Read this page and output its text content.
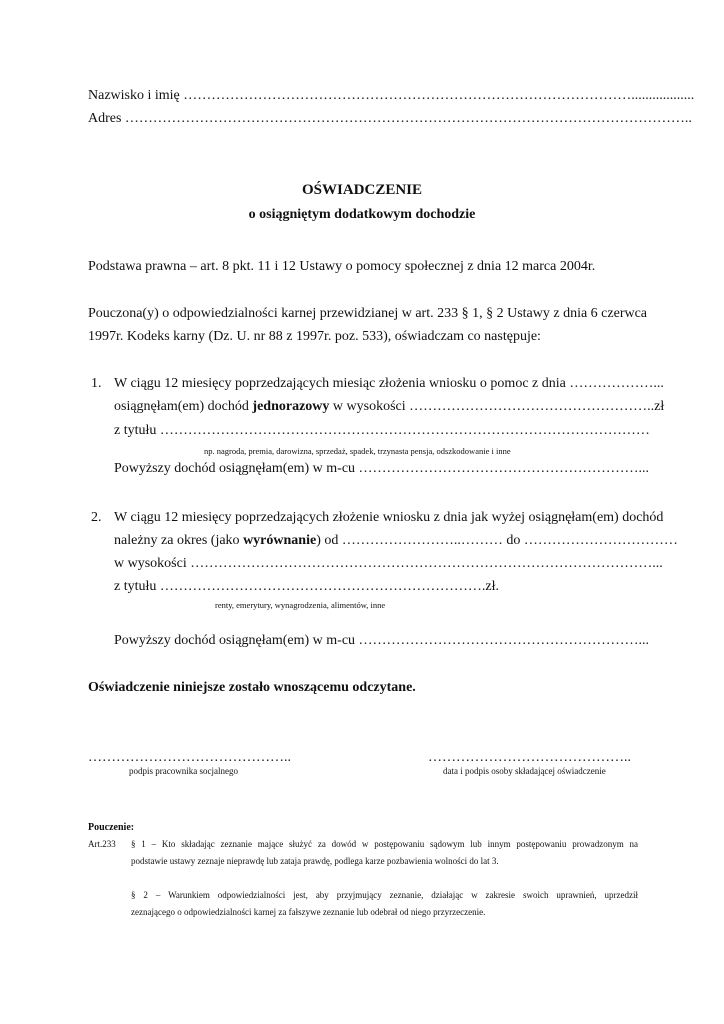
Nazwisko i imię ……………………………………………………………………………………..................
Adres …………………………………………………………………………………………………………..
OŚWIADCZENIE
o osiągniętym dodatkowym dochodzie
Podstawa prawna – art. 8 pkt. 11 i 12 Ustawy o pomocy społecznej z dnia 12 marca 2004r.
Pouczona(y) o odpowiedzialności karnej przewidzianej w art. 233 § 1, § 2 Ustawy z dnia 6 czerwca
1997r. Kodeks karny (Dz. U. nr 88 z 1997r. poz. 533), oświadczam co następuje:
1. W ciągu 12 miesięcy poprzedzających miesiąc złożenia wniosku o pomoc z dnia ………………...
osiągnęłam(em) dochód jednorazowy w wysokości ……………………………………………..zł
z tytułu ……………………………………………………………………………………………
np. nagroda, premia, darowizna, sprzedaż, spadek, trzynasta pensja, odszkodowanie i inne
Powyższy dochód osiągnęłam(em) w m-cu ……………………………………………………...
2. W ciągu 12 miesięcy poprzedzających złożenie wniosku z dnia jak wyżej osiągnęłam(em) dochód
należny za okres (jako wyrównanie) od ……………………..……… do ……………………………
w wysokości ………………………………………………………………………………………...
z tytułu …………………………………………………………….zł.
renty, emerytury, wynagrodzenia, alimentów, inne
Powyższy dochód osiągnęłam(em) w m-cu ……………………………………………………...
Oświadczenie niniejsze zostało wnoszącemu odczytane.
……………………………………..
podpis pracownika socjalnego
……………………………………..
data i podpis osoby składającej oświadczenie
Pouczenie:
Art.233 § 1 – Kto składając zeznanie mające służyć za dowód w postępowaniu sądowym lub innym postępowaniu prowadzonym na
podstawie ustawy zeznaje nieprawdę lub zataja prawdę, podlega karze pozbawienia wolności do lat 3.
§ 2 – Warunkiem odpowiedzialności jest, aby przyjmujący zeznanie, działając w zakresie swoich uprawnień, uprzedził
zeznającego o odpowiedzialności karnej za fałszywe zeznanie lub odebrał od niego przyrzeczenie.
